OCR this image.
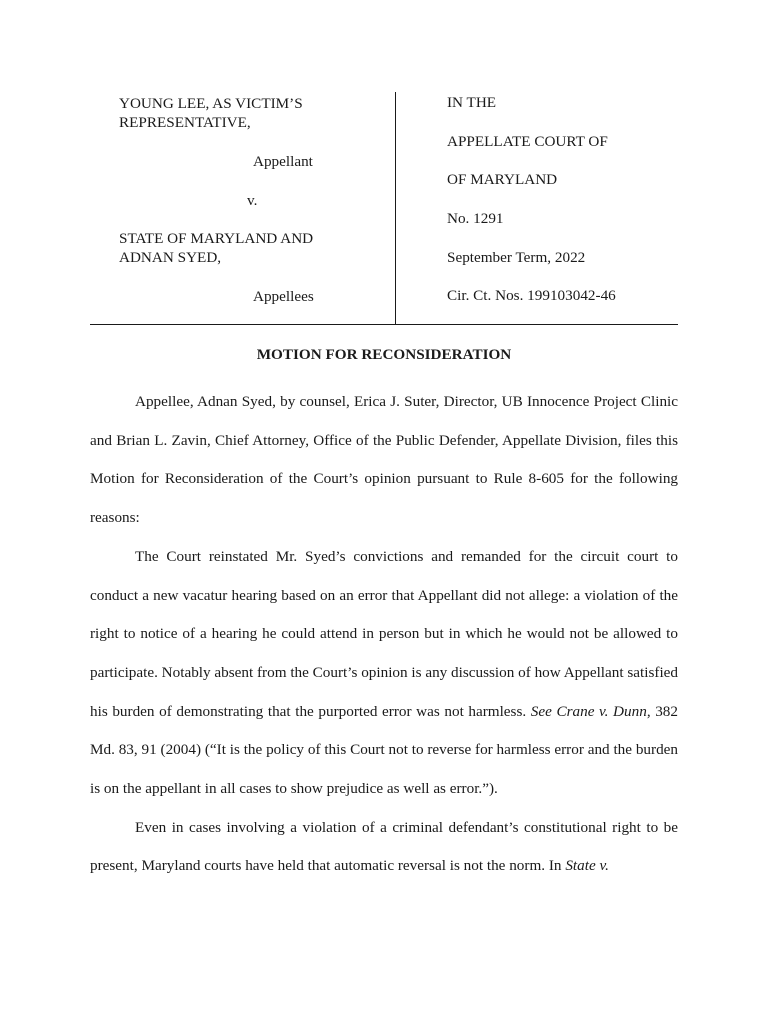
YOUNG LEE, AS VICTIM’S
REPRESENTATIVE,
Appellant
v.
STATE OF MARYLAND AND
ADNAN SYED,
Appellees
IN THE
APPELLATE COURT OF
OF MARYLAND
No. 1291
September Term, 2022
Cir. Ct. Nos. 199103042-46
MOTION FOR RECONSIDERATION

Appellee, Adnan Syed, by counsel, Erica J. Suter, Director, UB Innocence Project Clinic and Brian L. Zavin, Chief Attorney, Office of the Public Defender, Appellate Division, files this Motion for Reconsideration of the Court’s opinion pursuant to Rule 8-605 for the following reasons:

The Court reinstated Mr. Syed’s convictions and remanded for the circuit court to conduct a new vacatur hearing based on an error that Appellant did not allege: a violation of the right to notice of a hearing he could attend in person but in which he would not be allowed to participate. Notably absent from the Court’s opinion is any discussion of how Appellant satisfied his burden of demonstrating that the purported error was not harmless. See Crane v. Dunn, 382 Md. 83, 91 (2004) (“It is the policy of this Court not to reverse for harmless error and the burden is on the appellant in all cases to show prejudice as well as error.”).

Even in cases involving a violation of a criminal defendant’s constitutional right to be present, Maryland courts have held that automatic reversal is not the norm. In State v.
